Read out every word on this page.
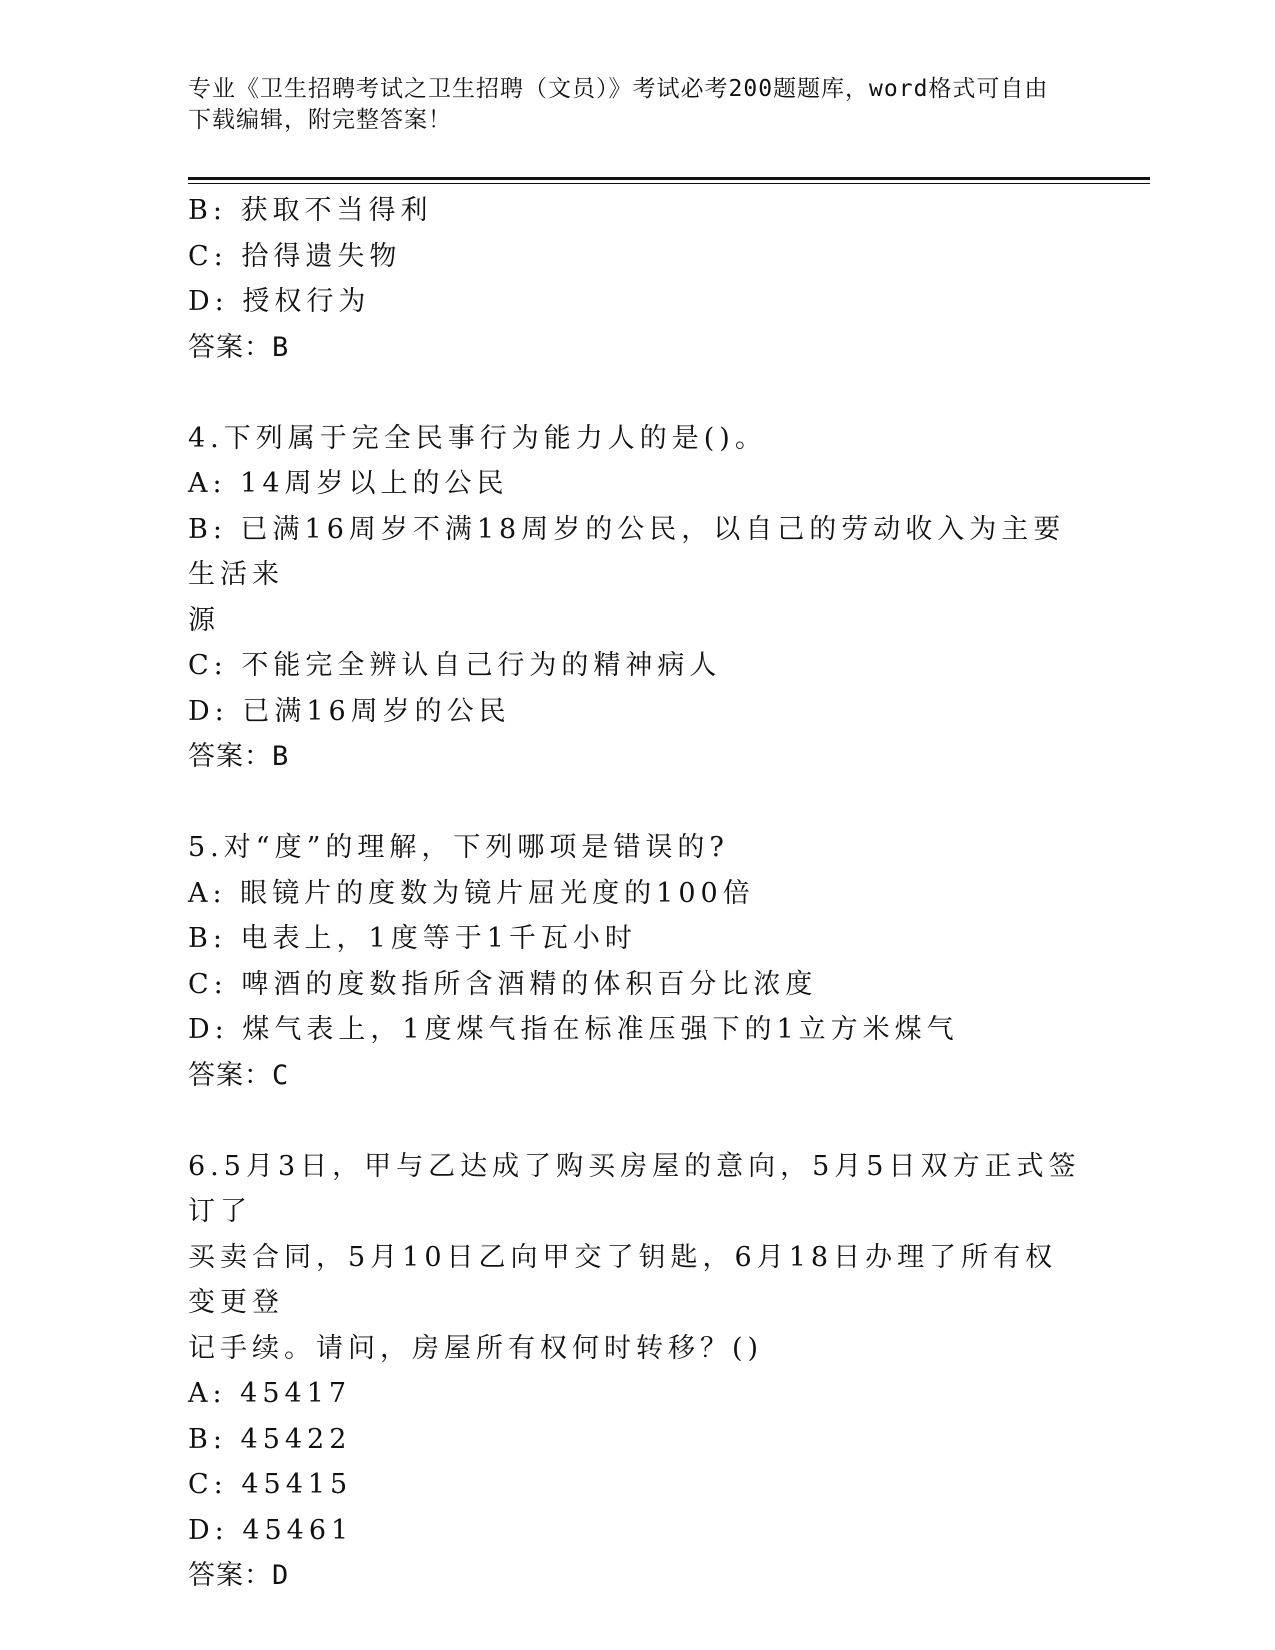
专业《卫生招聘考试之卫生招聘（文员）》考试必考200题题库，word格式可自由下载编辑，附完整答案！
B: 获取不当得利
C: 拾得遗失物
D: 授权行为
答案：B
4.下列属于完全民事行为能力人的是()。
A: 14周岁以上的公民
B: 已满16周岁不满18周岁的公民，以自己的劳动收入为主要生活来
源
C: 不能完全辨认自己行为的精神病人
D: 已满16周岁的公民
答案：B
5.对“度”的理解，下列哪项是错误的?
A: 眼镜片的度数为镜片屈光度的100倍
B: 电表上，1度等于1千瓦小时
C: 啤酒的度数指所含酒精的体积百分比浓度
D: 煤气表上，1度煤气指在标准压强下的1立方米煤气
答案：C
6.5月3日，甲与乙达成了购买房屋的意向，5月5日双方正式签订了
买卖合同，5月10日乙向甲交了钥匙，6月18日办理了所有权变更登
记手续。请问，房屋所有权何时转移？()
A: 45417
B: 45422
C: 45415
D: 45461
答案：D
